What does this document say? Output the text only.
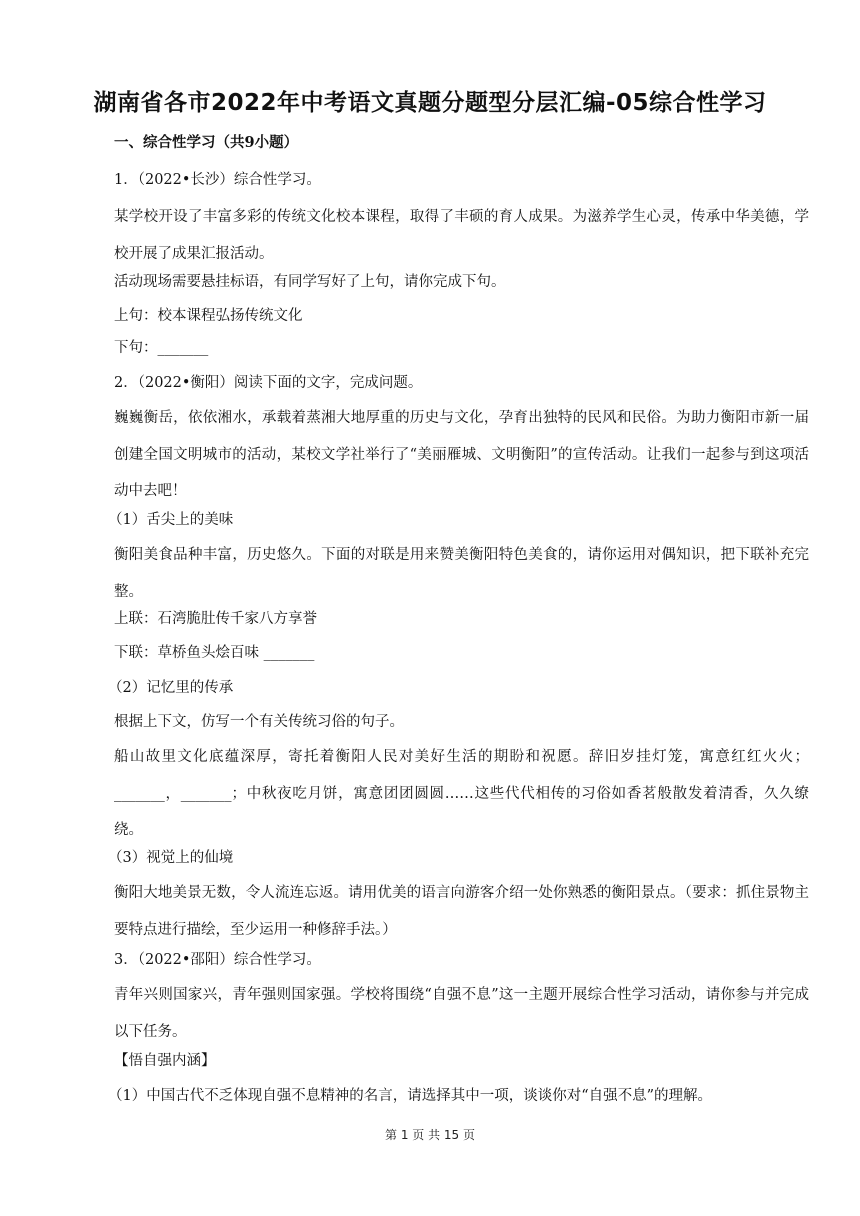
湖南省各市2022年中考语文真题分题型分层汇编-05综合性学习
一、综合性学习（共9小题）
1．（2022•长沙）综合性学习。
某学校开设了丰富多彩的传统文化校本课程，取得了丰硕的育人成果。为滋养学生心灵，传承中华美德，学校开展了成果汇报活动。
活动现场需要悬挂标语，有同学写好了上句，请你完成下句。
上句：校本课程弘扬传统文化
下句：_______
2．（2022•衡阳）阅读下面的文字，完成问题。
巍巍衡岳，依依湘水，承载着蒸湘大地厚重的历史与文化，孕育出独特的民风和民俗。为助力衡阳市新一届创建全国文明城市的活动，某校文学社举行了“美丽雁城、文明衡阳”的宣传活动。让我们一起参与到这项活动中去吧！
（1）舌尖上的美味
衡阳美食品种丰富，历史悠久。下面的对联是用来赞美衡阳特色美食的，请你运用对偶知识，把下联补充完整。
上联：石湾脆肚传千家八方享誉
下联：草桥鱼头烩百味 _______
（2）记忆里的传承
根据上下文，仿写一个有关传统习俗的句子。
船山故里文化底蕴深厚，寄托着衡阳人民对美好生活的期盼和祝愿。辞旧岁挂灯笼，寓意红红火火；_______，_______；中秋夜吃月饼，寓意团团圆圆……这些代代相传的习俗如香茗般散发着清香，久久缭绕。
（3）视觉上的仙境
衡阳大地美景无数，令人流连忘返。请用优美的语言向游客介绍一处你熟悉的衡阳景点。（要求：抓住景物主要特点进行描绘，至少运用一种修辞手法。）
3．（2022•邵阳）综合性学习。
青年兴则国家兴，青年强则国家强。学校将围绕“自强不息”这一主题开展综合性学习活动，请你参与并完成以下任务。
【悟自强内涵】
（1）中国古代不乏体现自强不息精神的名言，请选择其中一项，谈谈你对“自强不息”的理解。
第 1 页 共 15 页
